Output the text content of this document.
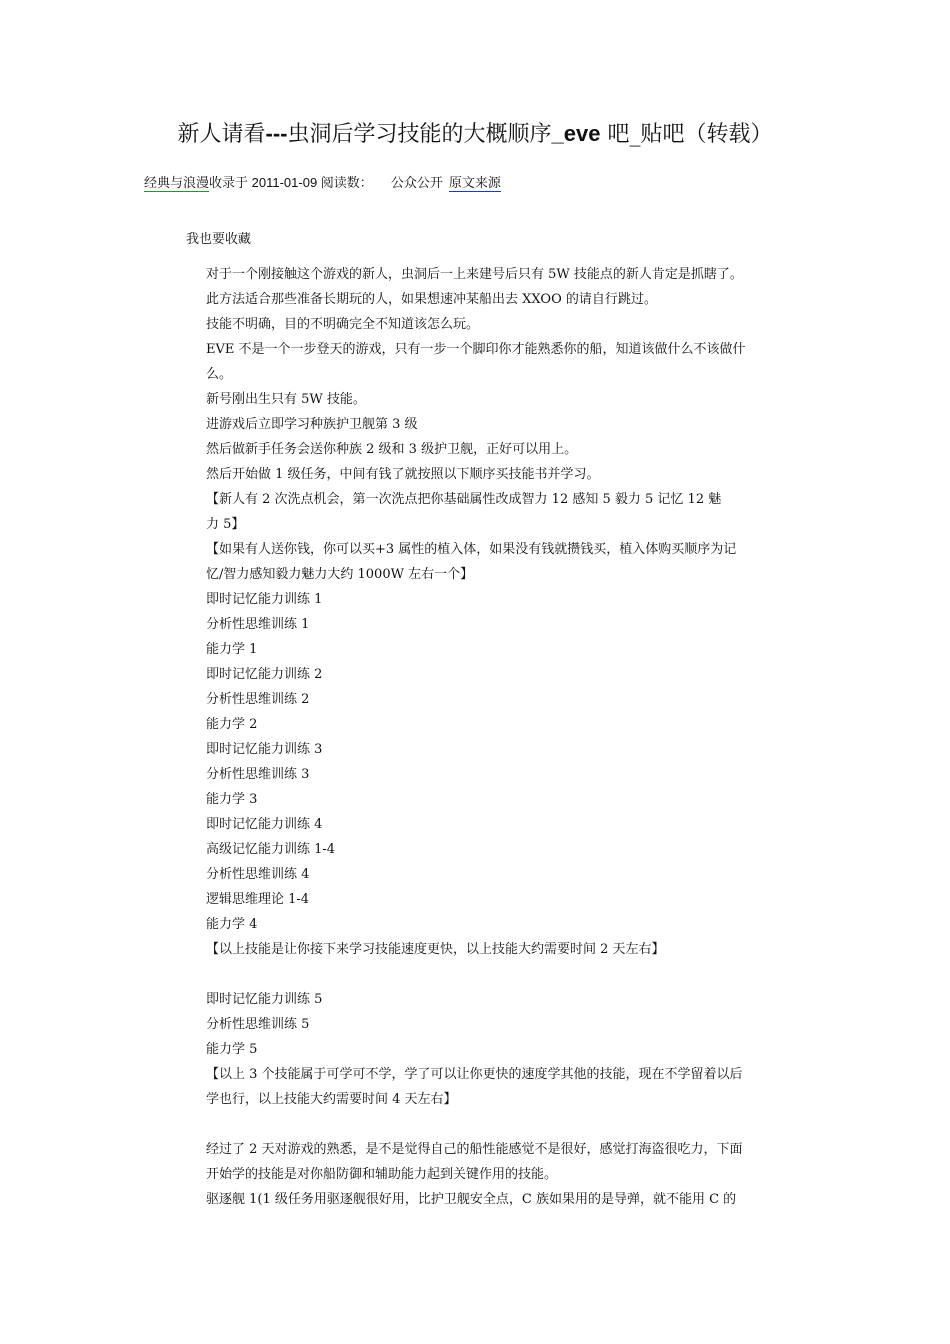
新人请看---虫洞后学习技能的大概顺序_eve 吧_贴吧（转载）
经典与浪漫收录于 2011-01-09 阅读数： 公众公开 原文来源
我也要收藏
对于一个刚接触这个游戏的新人，虫洞后一上来建号后只有 5W 技能点的新人肯定是抓瞎了。
此方法适合那些准备长期玩的人，如果想速冲某船出去 XXOO 的请自行跳过。
技能不明确，目的不明确完全不知道该怎么玩。
EVE 不是一个一步登天的游戏，只有一步一个脚印你才能熟悉你的船，知道该做什么不该做什
么。
新号刚出生只有 5W 技能。
进游戏后立即学习种族护卫舰第 3 级
然后做新手任务会送你种族 2 级和 3 级护卫舰，正好可以用上。
然后开始做 1 级任务，中间有钱了就按照以下顺序买技能书并学习。
【新人有 2 次洗点机会，第一次洗点把你基础属性改成智力 12 感知 5 毅力 5 记忆 12 魅
力 5】
【如果有人送你钱，你可以买+3 属性的植入体，如果没有钱就攒钱买，植入体购买顺序为记
忆/智力感知毅力魅力大约 1000W 左右一个】
即时记忆能力训练 1
分析性思维训练 1
能力学 1
即时记忆能力训练 2
分析性思维训练 2
能力学 2
即时记忆能力训练 3
分析性思维训练 3
能力学 3
即时记忆能力训练 4
高级记忆能力训练 1-4
分析性思维训练 4
逻辑思维理论 1-4
能力学 4
【以上技能是让你接下来学习技能速度更快，以上技能大约需要时间 2 天左右】
即时记忆能力训练 5
分析性思维训练 5
能力学 5
【以上 3 个技能属于可学可不学，学了可以让你更快的速度学其他的技能，现在不学留着以后
学也行，以上技能大约需要时间 4 天左右】
经过了 2 天对游戏的熟悉，是不是觉得自己的船性能感觉不是很好，感觉打海盗很吃力，下面
开始学的技能是对你船防御和辅助能力起到关键作用的技能。
驱逐舰 1(1 级任务用驱逐舰很好用，比护卫舰安全点，C 族如果用的是导弹，就不能用 C 的
